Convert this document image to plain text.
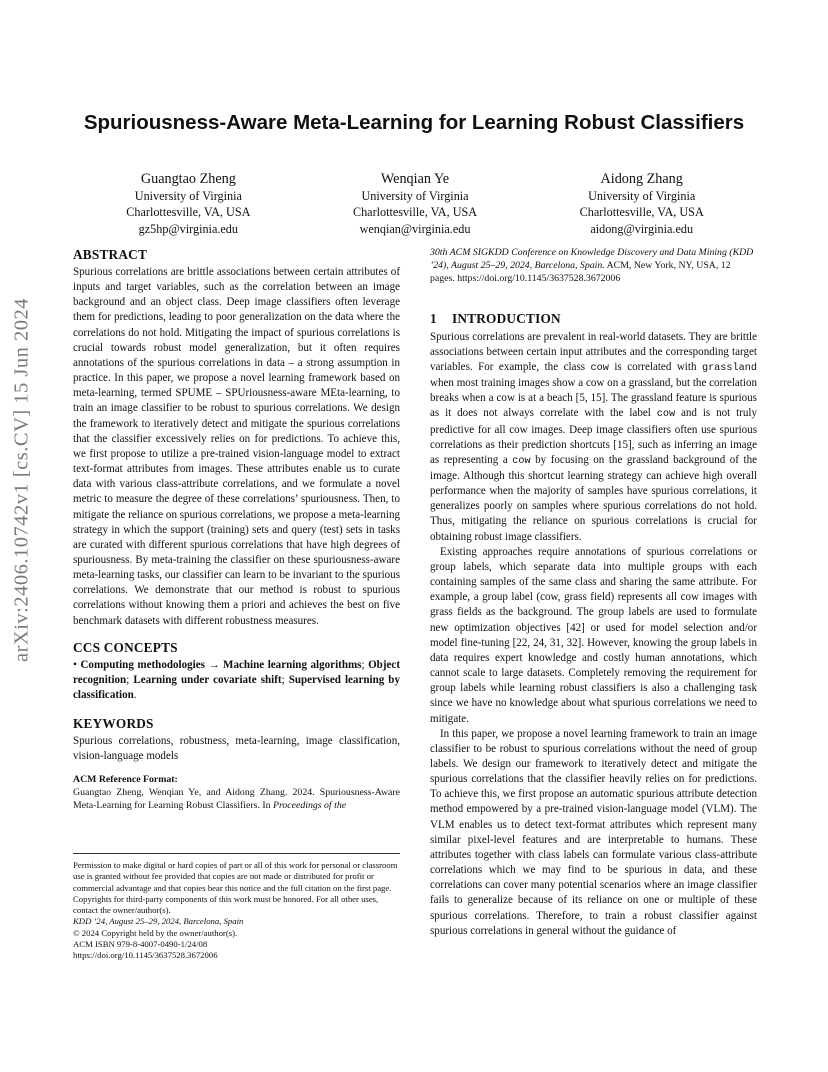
arXiv:2406.10742v1 [cs.CV] 15 Jun 2024
Spuriousness-Aware Meta-Learning for Learning Robust Classifiers
Guangtao Zheng
University of Virginia
Charlottesville, VA, USA
gz5hp@virginia.edu
Wenqian Ye
University of Virginia
Charlottesville, VA, USA
wenqian@virginia.edu
Aidong Zhang
University of Virginia
Charlottesville, VA, USA
aidong@virginia.edu
ABSTRACT

Spurious correlations are brittle associations between certain attributes of inputs and target variables, such as the correlation between an image background and an object class. Deep image classifiers often leverage them for predictions, leading to poor generalization on the data where the correlations do not hold. Mitigating the impact of spurious correlations is crucial towards robust model generalization, but it often requires annotations of the spurious correlations in data – a strong assumption in practice. In this paper, we propose a novel learning framework based on meta-learning, termed SPUME – SPUriousness-aware MEta-learning, to train an image classifier to be robust to spurious correlations. We design the framework to iteratively detect and mitigate the spurious correlations that the classifier excessively relies on for predictions. To achieve this, we first propose to utilize a pre-trained vision-language model to extract text-format attributes from images. These attributes enable us to curate data with various class-attribute correlations, and we formulate a novel metric to measure the degree of these correlations’ spuriousness. Then, to mitigate the reliance on spurious correlations, we propose a meta-learning strategy in which the support (training) sets and query (test) sets in tasks are curated with different spurious correlations that have high degrees of spuriousness. By meta-training the classifier on these spuriousness-aware meta-learning tasks, our classifier can learn to be invariant to the spurious correlations. We demonstrate that our method is robust to spurious correlations without knowing them a priori and achieves the best on five benchmark datasets with different robustness measures.

CCS CONCEPTS

• Computing methodologies → Machine learning algorithms; Object recognition; Learning under covariate shift; Supervised learning by classification.

KEYWORDS

Spurious correlations, robustness, meta-learning, image classification, vision-language models

ACM Reference Format:
Guangtao Zheng, Wenqian Ye, and Aidong Zhang. 2024. Spuriousness-Aware Meta-Learning for Learning Robust Classifiers. In Proceedings of the
Permission to make digital or hard copies of part or all of this work for personal or classroom use is granted without fee provided that copies are not made or distributed for profit or commercial advantage and that copies bear this notice and the full citation on the first page. Copyrights for third-party components of this work must be honored. For all other uses, contact the owner/author(s).
KDD ’24, August 25–29, 2024, Barcelona, Spain
© 2024 Copyright held by the owner/author(s).
ACM ISBN 979-8-4007-0490-1/24/08
https://doi.org/10.1145/3637528.3672006
30th ACM SIGKDD Conference on Knowledge Discovery and Data Mining (KDD ’24), August 25–29, 2024, Barcelona, Spain. ACM, New York, NY, USA, 12 pages. https://doi.org/10.1145/3637528.3672006
1	INTRODUCTION

Spurious correlations are prevalent in real-world datasets. They are brittle associations between certain input attributes and the corresponding target variables. For example, the class cow is correlated with grassland when most training images show a cow on a grassland, but the correlation breaks when a cow is at a beach [5, 15]. The grassland feature is spurious as it does not always correlate with the label cow and is not truly predictive for all cow images. Deep image classifiers often use spurious correlations as their prediction shortcuts [15], such as inferring an image as representing a cow by focusing on the grassland background of the image. Although this shortcut learning strategy can achieve high overall performance when the majority of samples have spurious correlations, it generalizes poorly on samples where spurious correlations do not hold. Thus, mitigating the reliance on spurious correlations is crucial for obtaining robust image classifiers.

Existing approaches require annotations of spurious correlations or group labels, which separate data into multiple groups with each containing samples of the same class and sharing the same attribute. For example, a group label (cow, grass field) represents all cow images with grass fields as the background. The group labels are used to formulate new optimization objectives [42] or used for model selection and/or model fine-tuning [22, 24, 31, 32]. However, knowing the group labels in data requires expert knowledge and costly human annotations, which cannot scale to large datasets. Completely removing the requirement for group labels while learning robust classifiers is also a challenging task since we have no knowledge about what spurious correlations we need to mitigate.

In this paper, we propose a novel learning framework to train an image classifier to be robust to spurious correlations without the need of group labels. We design our framework to iteratively detect and mitigate the spurious correlations that the classifier heavily relies on for predictions. To achieve this, we first propose an automatic spurious attribute detection method empowered by a pre-trained vision-language model (VLM). The VLM enables us to detect text-format attributes which represent many similar pixel-level features and are interpretable to humans. These attributes together with class labels can formulate various class-attribute correlations which we may find to be spurious in data, and these correlations can cover many potential scenarios where an image classifier fails to generalize because of its reliance on one or multiple of these spurious correlations. Therefore, to train a robust classifier against spurious correlations in general without the guidance of
